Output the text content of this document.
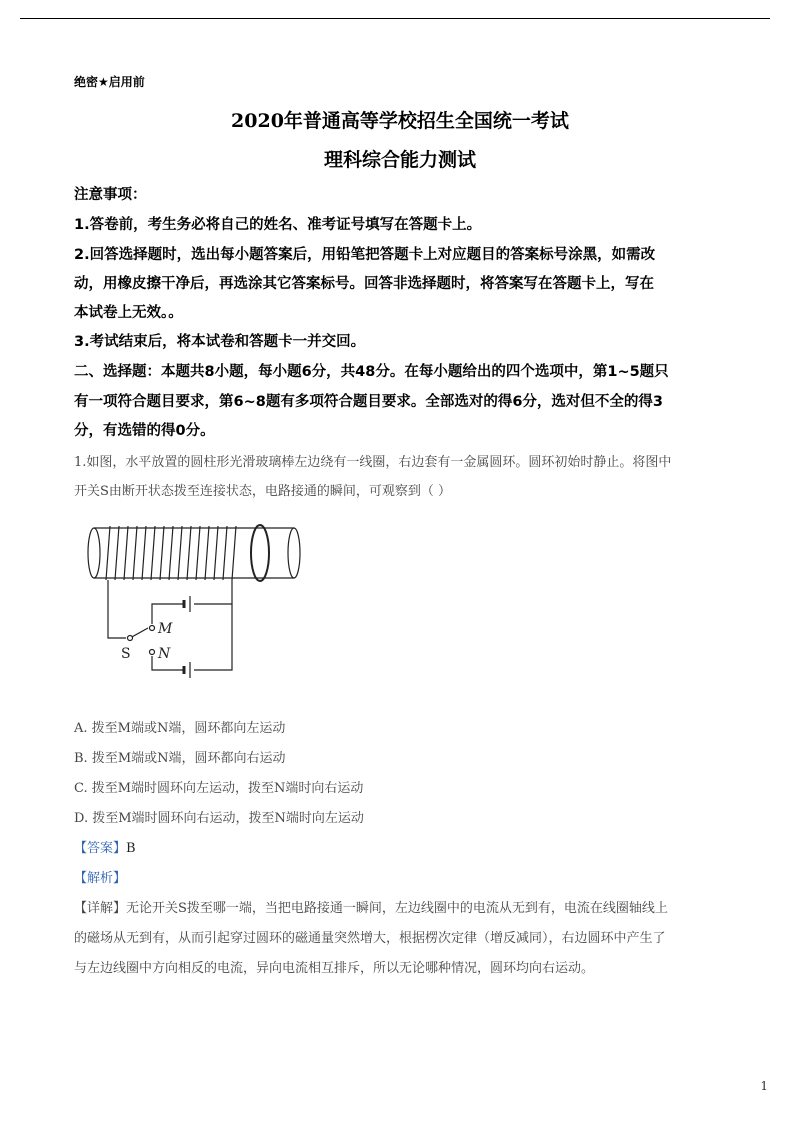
绝密★启用前
2020年普通高等学校招生全国统一考试
理科综合能力测试
注意事项：
1.答卷前，考生务必将自己的姓名、准考证号填写在答题卡上。
2.回答选择题时，选出每小题答案后，用铅笔把答题卡上对应题目的答案标号涂黑，如需改
动，用橡皮擦干净后，再选涂其它答案标号。回答非选择题时，将答案写在答题卡上，写在
本试卷上无效。。
3.考试结束后，将本试卷和答题卡一并交回。
二、选择题：本题共8小题，每小题6分，共48分。在每小题给出的四个选项中，第1~5题只
有一项符合题目要求，第6~8题有多项符合题目要求。全部选对的得6分，选对但不全的得3
分，有选错的得0分。
1.如图，水平放置的圆柱形光滑玻璃棒左边绕有一线圈，右边套有一金属圆环。圆环初始时静止。将图中
开关S由断开状态拨至连接状态，电路接通的瞬间，可观察到（ ）
M
N
S
A. 拨至M端或N端，圆环都向左运动
B. 拨至M端或N端，圆环都向右运动
C. 拨至M端时圆环向左运动，拨至N端时向右运动
D. 拨至M端时圆环向右运动，拨至N端时向左运动
【答案】B
【解析】
【详解】无论开关S拨至哪一端，当把电路接通一瞬间，左边线圈中的电流从无到有，电流在线圈轴线上
的磁场从无到有，从而引起穿过圆环的磁通量突然增大，根据楞次定律（增反减同），右边圆环中产生了
与左边线圈中方向相反的电流，异向电流相互排斥，所以无论哪种情况，圆环均向右运动。
1
